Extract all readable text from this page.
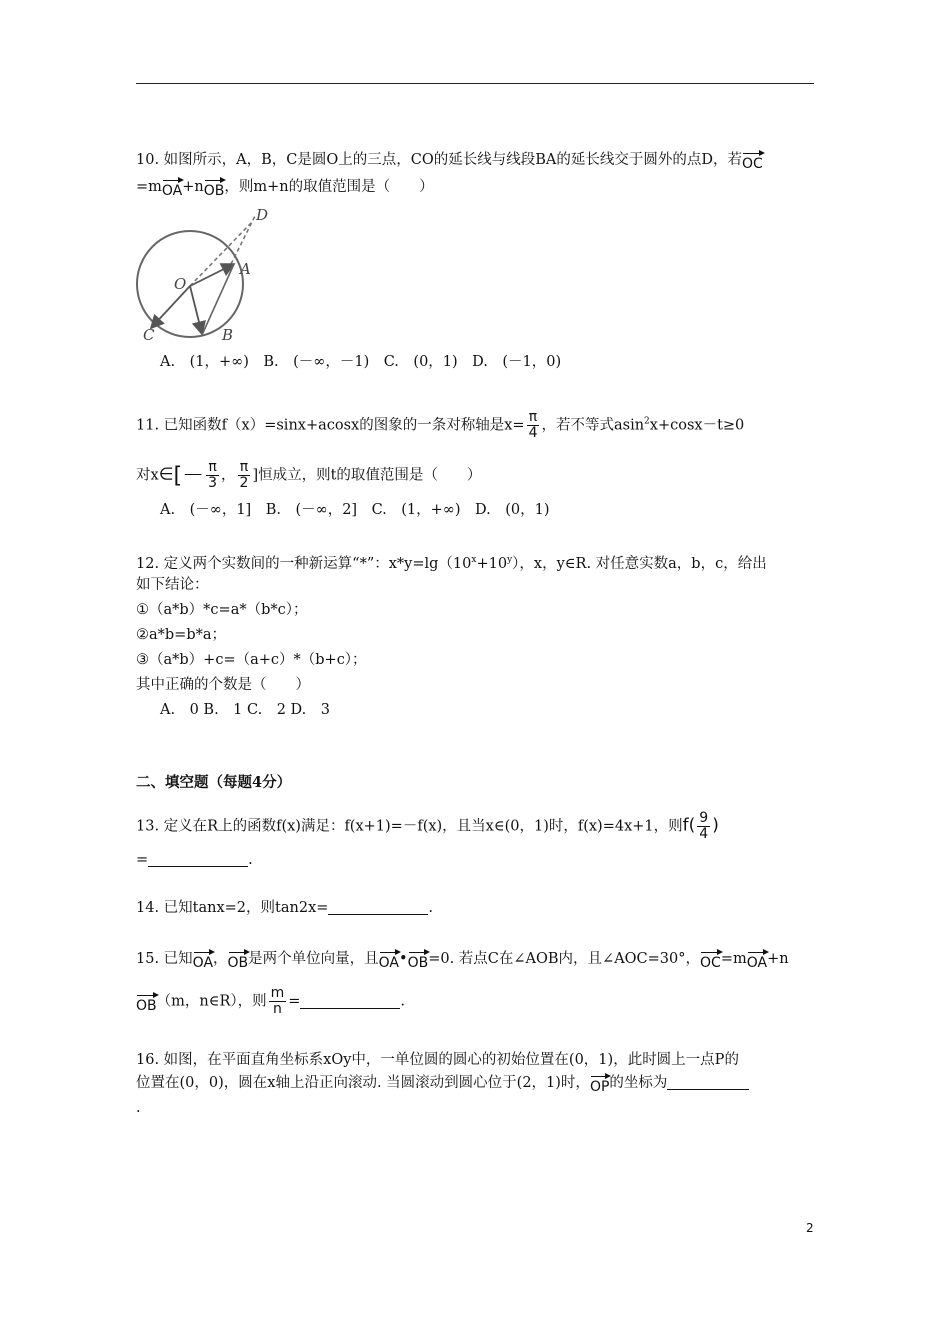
10. 如图所示，A，B，C是圆O上的三点，CO的延长线与线段BA的延长线交于圆外的点D，若OC
=mOA+nOB，则m+n的取值范围是（　　）
D
O
A
C	B
A.　(1，+∞)　B.　(－∞，－1)　C.　(0，1)　D.　(－1，0)
11. 已知函数f（x）=sinx+acosx的图象的一条对称轴是$x= \frac{\pi}{4}$ ，若不等式asin$^2$x+cosx－t≥0
对x∈[－ $\frac{\pi}{3}$ ， $\frac{\pi}{2}$ ]恒成立，则t的取值范围是（　　）
A.　(－∞，1]　B.　(－∞，2]　C.　(1，+∞)　D.　(0，1)
12. 定义两个实数间的一种新运算“*”：$x*y=\lg(10^x+10^y)$，x，y∈R. 对任意实数a，b，c，给出
如下结论：
①（a*b）*c=a*（b*c）；
②a*b=b*a；
③（a*b）+c=（a+c）*（b+c）；
其中正确的个数是（　　）
A.　0 B.　1 C.　2 D.　3
二、填空题（每题4分）
13. 定义在R上的函数f(x)满足：f(x+1)=－f(x)，且当x∈(0，1)时，f(x)=4x+1，则$f( \frac{9}{4}$ )
=	.
14. 已知tanx=2，则tan2x=	.
15. 已知OA，OB是两个单位向量，且OA•OB=0. 若点C在∠AOB内，且∠AOC=30°，OC=mOA+n
OB（m，n∈R），则 $\frac{m}{n}$ =	.
16. 如图，在平面直角坐标系xOy中，一单位圆的圆心的初始位置在(0，1)，此时圆上一点P的
位置在(0，0)，圆在x轴上沿正向滚动. 当圆滚动到圆心位于(2，1)时，OP的坐标为
.
2
